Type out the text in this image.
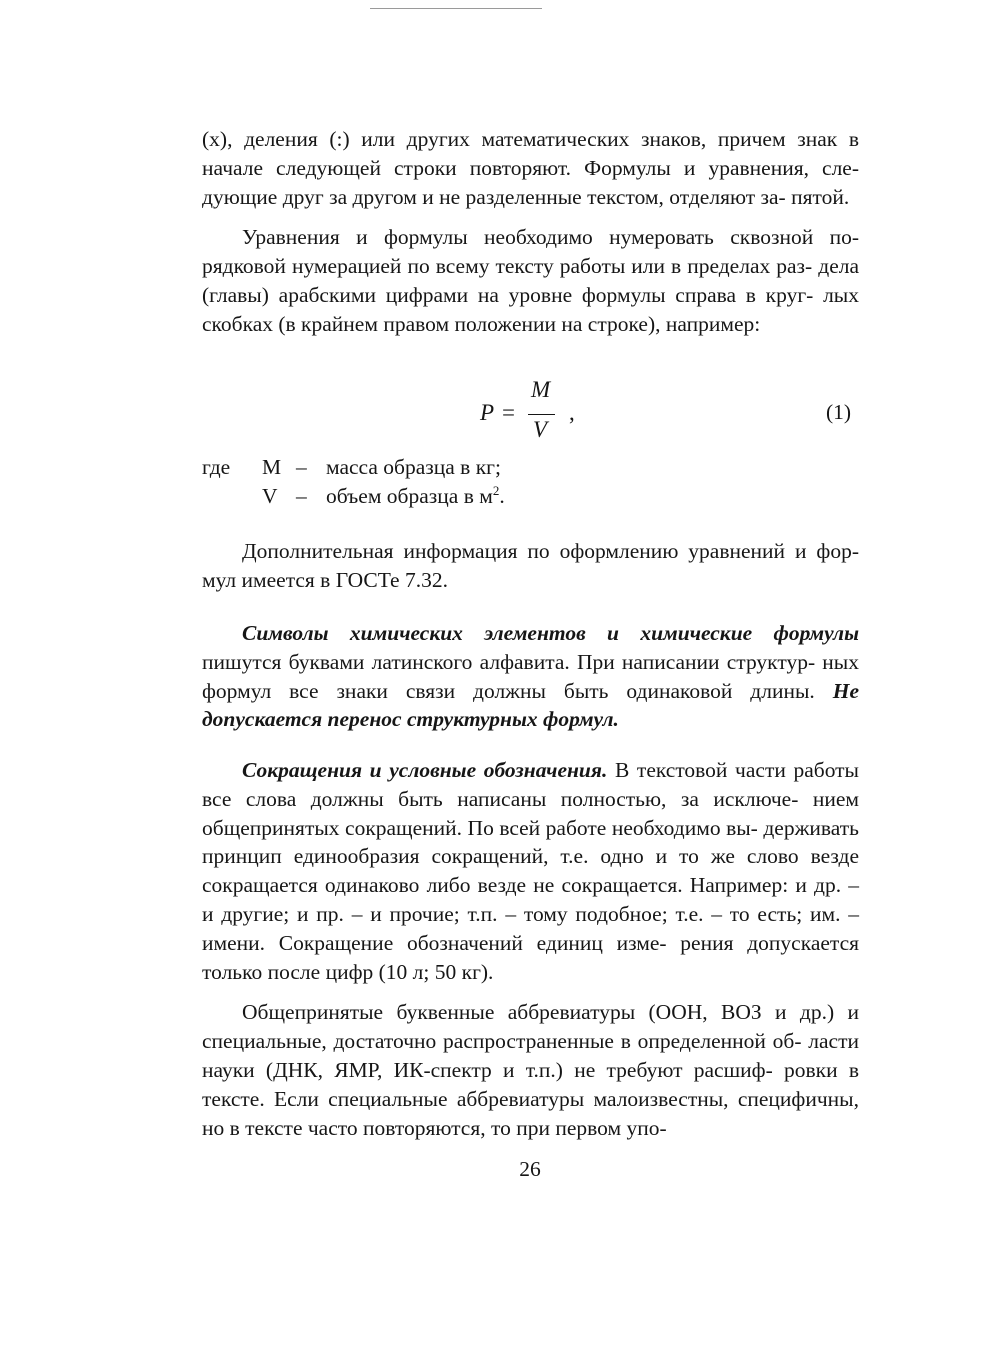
(x), деления (:) или других математических знаков, причем знак в начале следующей строки повторяют. Формулы и уравнения, сле- дующие друг за другом и не разделенные текстом, отделяют за- пятой.

Уравнения и формулы необходимо нумеровать сквозной по- рядковой нумерацией по всему тексту работы или в пределах раз- дела (главы) арабскими цифрами на уровне формулы справа в круг- лых скобках (в крайнем правом положении на строке), например:

P =
M
V
,	(1)
где M – масса образца в кг;
V – объем образца в $м^2$.

Дополнительная информация по оформлению уравнений и фор- мул имеется в ГОСТе 7.32.

Символы химических элементов и химические формулы пишутся буквами латинского алфавита. При написании структур- ных формул все знаки связи должны быть одинаковой длины. Не допускается перенос структурных формул.

Сокращения и условные обозначения. В текстовой части работы все слова должны быть написаны полностью, за исключе- нием общепринятых сокращений. По всей работе необходимо вы- держивать принцип единообразия сокращений, т.е. одно и то же слово везде сокращается одинаково либо везде не сокращается. Например: и др. – и другие; и пр. – и прочие; т.п. – тому подобное; т.е. – то есть; им. – имени. Сокращение обозначений единиц изме- рения допускается только после цифр (10 л; 50 кг).

Общепринятые буквенные аббревиатуры (ООН, ВОЗ и др.) и специальные, достаточно распространенные в определенной об- ласти науки (ДНК, ЯМР, ИК-спектр и т.п.) не требуют расшиф- ровки в тексте. Если специальные аббревиатуры малоизвестны, специфичны, но в тексте часто повторяются, то при первом упо-

26
